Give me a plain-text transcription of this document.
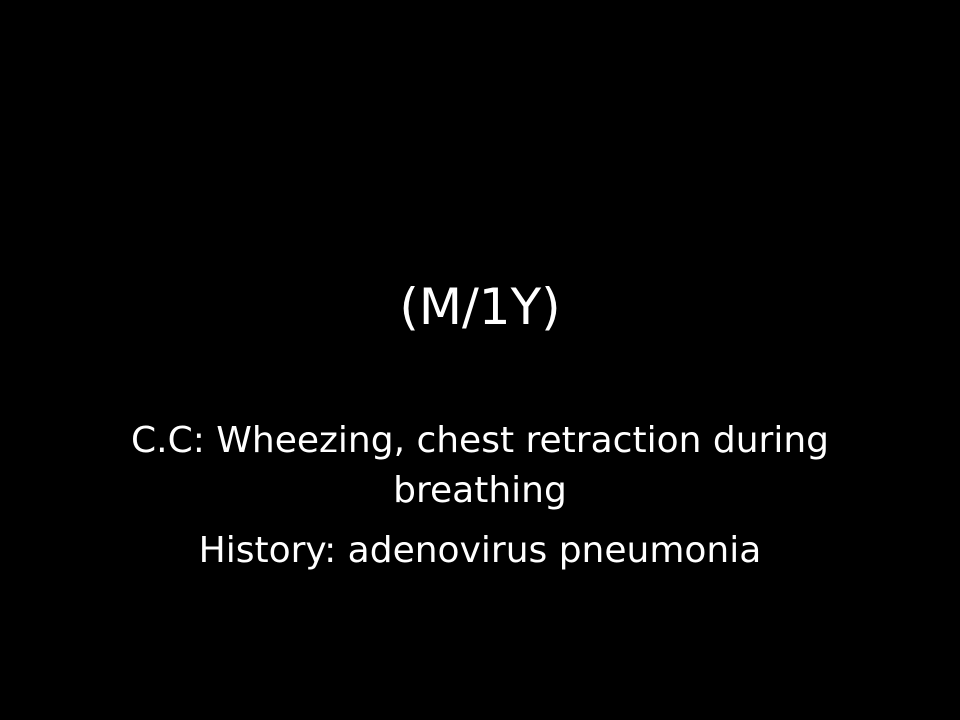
(M/1Y)

C.C: Wheezing, chest retraction during breathing

History: adenovirus pneumonia
